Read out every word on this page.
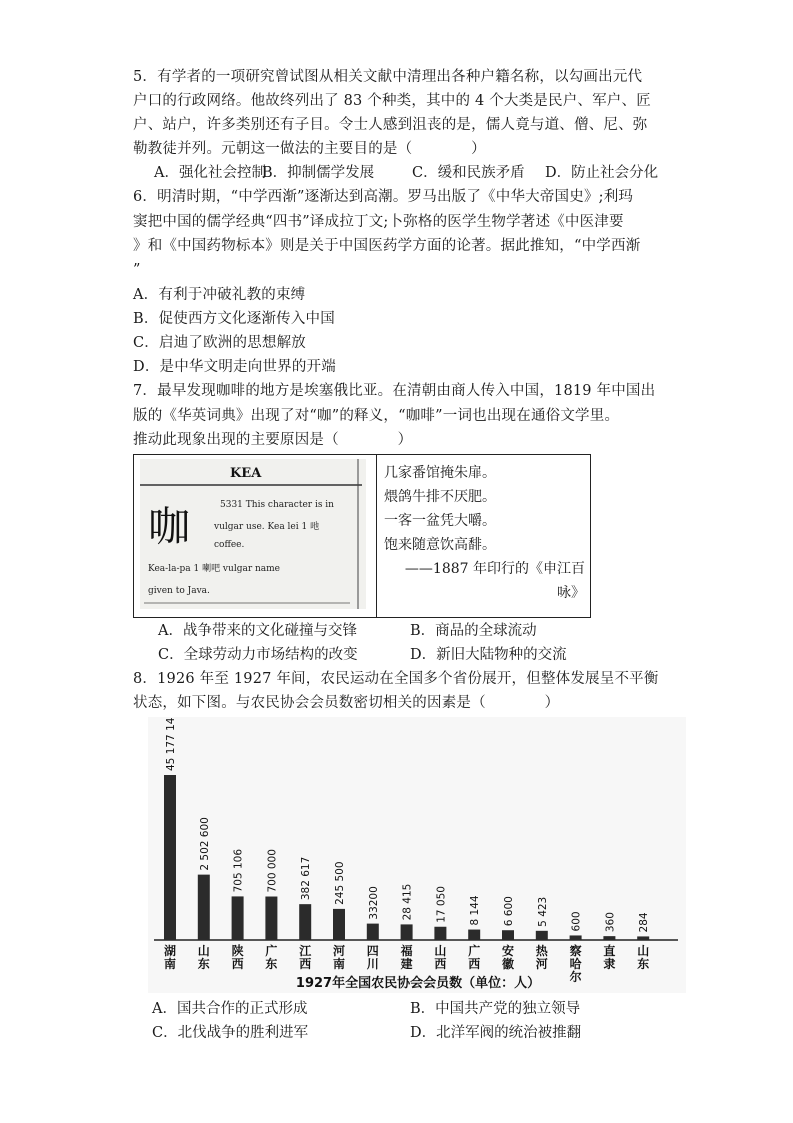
5．有学者的一项研究曾试图从相关文献中清理出各种户籍名称，以勾画出元代
户口的行政网络。他故终列出了 83 个种类，其中的 4 个大类是民户、军户、匠
户、站户，许多类别还有子目。令士人感到沮丧的是，儒人竟与道、僧、尼、弥
勒教徒并列。元朝这一做法的主要目的是（　　　　）
A．强化社会控制
B．抑制儒学发展	C．缓和民族矛盾 D．防止社会分化
6．明清时期，“中学西渐”逐渐达到高潮。罗马出版了《中华大帝国史》;利玛
窦把中国的儒学经典“四书”译成拉丁文;卜弥格的医学生物学著述《中医津要
》和《中国药物标本》则是关于中国医药学方面的论著。据此推知，“中学西渐
”
A．有利于冲破礼教的束缚
B．促使西方文化逐渐传入中国
C．启迪了欧洲的思想解放
D．是中华文明走向世界的开端
7．最早发现咖啡的地方是埃塞俄比亚。在清朝由商人传入中国，1819 年中国出
版的《华英词典》出现了对“咖”的释义，“咖啡”一词也出现在通俗文学里。
推动此现象出现的主要原因是（　　　　）
KEA
咖	5331 This character is in
vulgar use. Kea lei 1 吔
coffee.
Kea-la-pa 1 喇吧 vulgar name
given to Java.
几家番馆掩朱扉。
煨鸽牛排不厌肥。
一客一盆凭大嚼。
饱来随意饮高馡。
——1887 年印行的《申江百
咏》
A．战争带来的文化碰撞与交锋	B．商品的全球流动
C．全球劳动力市场结构的改变	D．新旧大陆物种的交流
8．1926 年至 1927 年间，农民运动在全国多个省份展开，但整体发展呈不平衡
状态，如下图。与农民协会会员数密切相关的因素是（　　　　）
45 177 140
2 502 600
705 106 700 000 382 617 245 500 33200 28 415 17 050 8 144 6 600 5 423 600 360 284
湖
南
山
东
陕
西
广
东
江
西
河
南
四
川
福
建
山
西
广
西
安
徽
热
河
察
哈
尔
直
隶
山
东
1927年全国农民协会会员数（单位：人）
A．国共合作的正式形成	B．中国共产党的独立领导
C．北伐战争的胜利进军	D．北洋军阀的统治被推翻
